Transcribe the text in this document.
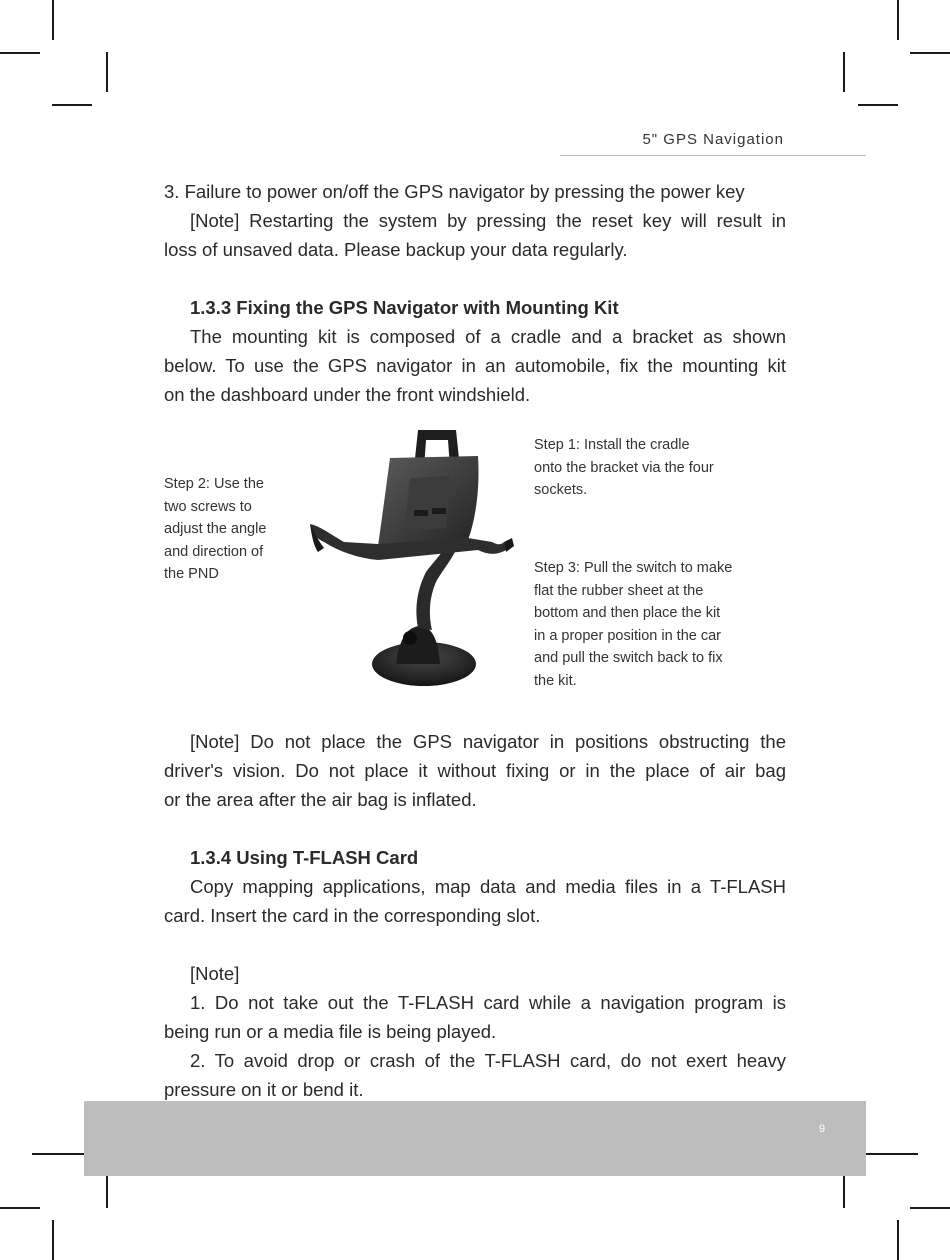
5" GPS Navigation
3. Failure to power on/off the GPS navigator by pressing the power key
[Note] Restarting the system by pressing the reset key will result in
loss of unsaved data. Please backup your data regularly.
1.3.3 Fixing the GPS Navigator with Mounting Kit
The mounting kit is composed of a cradle and a bracket as shown
below. To use the GPS navigator in an automobile, fix the mounting kit
on the dashboard under the front windshield.
Step 2: Use the
two screws to
adjust the angle
and direction of
the PND
Step 1: Install the cradle
onto the bracket via the four
sockets.
Step 3: Pull the switch to make
flat the rubber sheet at the
bottom and then place the kit
in a proper position in the car
and pull the switch back to fix
the kit.
[Note] Do not place the GPS navigator in positions obstructing the
driver's vision. Do not place it without fixing or in the place of air bag
or the area after the air bag is inflated.
1.3.4 Using T-FLASH Card
Copy mapping applications, map data and media files in a T-FLASH
card. Insert the card in the corresponding slot.
[Note]
1. Do not take out the T-FLASH card while a navigation program is
being run or a media file is being played.
2. To avoid drop or crash of the T-FLASH card, do not exert heavy
pressure on it or bend it.
9
